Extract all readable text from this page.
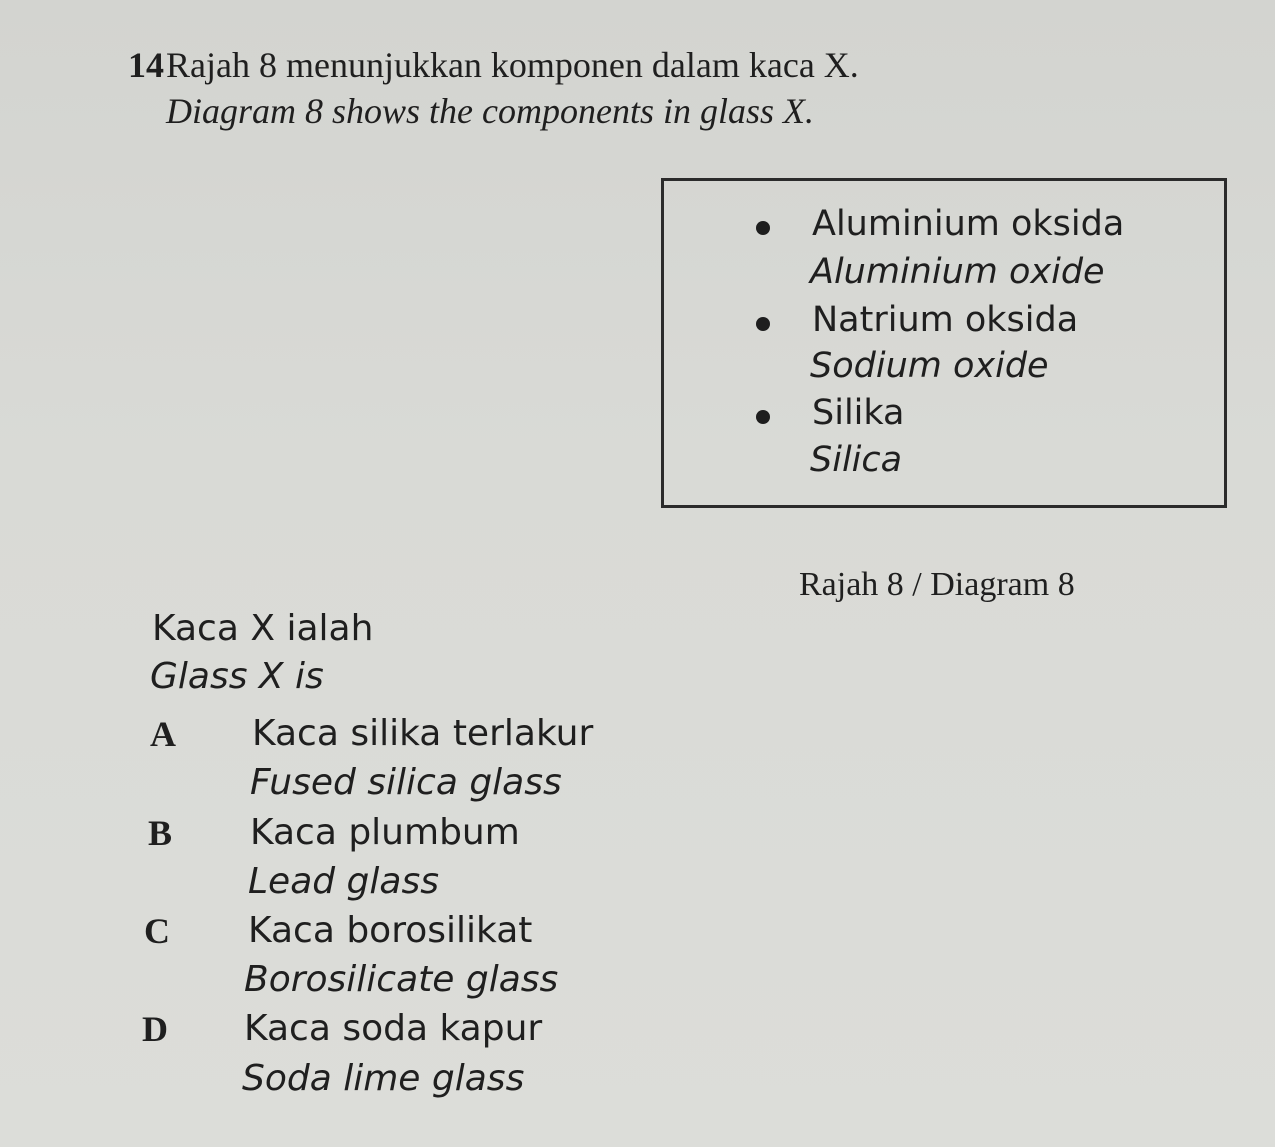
14 Rajah 8 menunjukkan komponen dalam kaca X.
Diagram 8 shows the components in glass X.
Aluminium oksida
Aluminium oxide
Natrium oksida
Sodium oxide
Silika
Silica
Rajah 8 / Diagram 8
Kaca X ialah
Glass X is
A Kaca silika terlakur
Fused silica glass
B Kaca plumbum
Lead glass
C Kaca borosilikat
Borosilicate glass
D Kaca soda kapur
Soda lime glass
